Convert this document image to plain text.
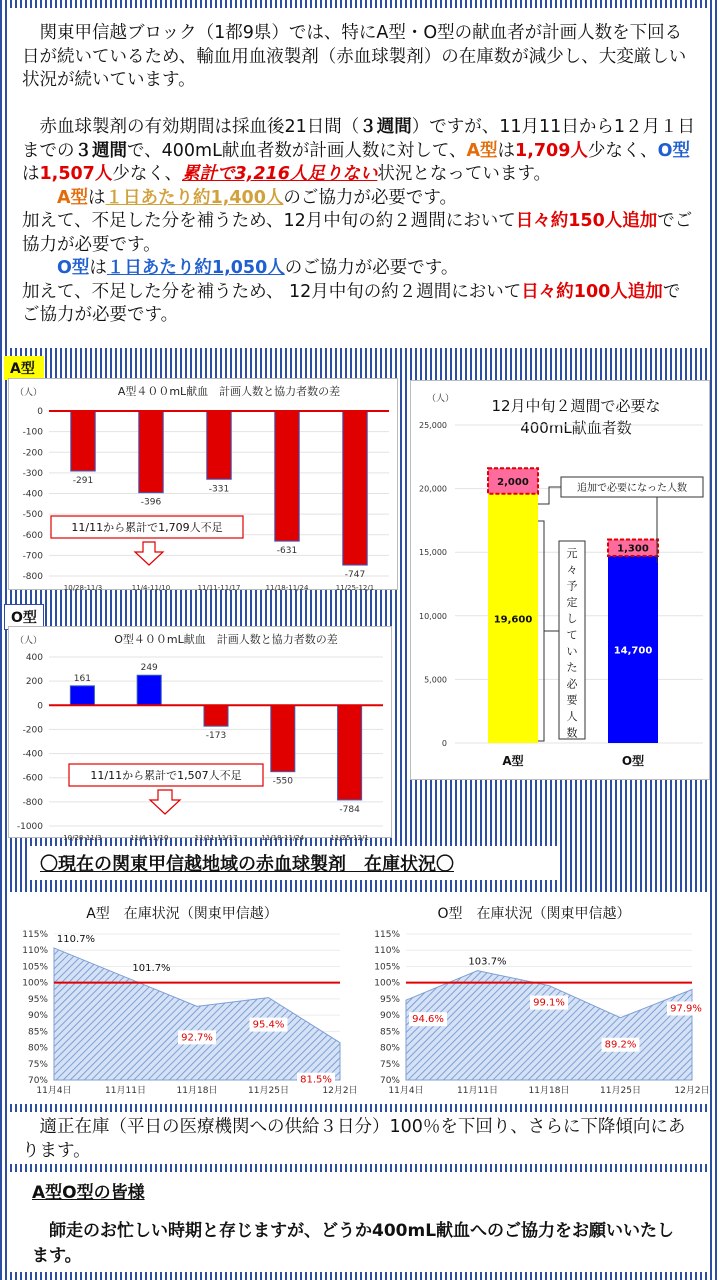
関東甲信越ブロック（1都9県）では、特にA型・O型の献血者が計画人数を下回る日が続いているため、輸血用血液製剤（赤血球製剤）の在庫数が減少し、大変厳しい状況が続いています。

赤血球製剤の有効期間は採血後21日間（３週間）ですが、11月11日から1２月１日までの３週間で、400mL献血者数が計画人数に対して、A型は1,709人少なく、O型は1,507人少なく、累計で3,216人足りない状況となっています。

A型は１日あたり約1,400人のご協力が必要です。
加えて、不足した分を補うため、12月中旬の約２週間において日々約150人追加でご協力が必要です。

O型は１日あたり約1,050人のご協力が必要です。
加えて、不足した分を補うため、 12月中旬の約２週間において日々約100人追加でご協力が必要です。

A型
O型
（人）	A型４００mL献血　計画人数と協力者数の差
0
-100
-200
-300
-400
-500
-600
-700
-800
-291
10/28-11/3
-396
11/4-11/10
-331
11/11-11/17
-631
11/18-11/24
-747
11/25-12/1
11/11から累計で1,709人不足
（人）	O型４００mL献血　計画人数と協力者数の差
400
200
0
-200
-400
-600
-800
-1000
161
10/28-11/3
249
11/4-11/10
-173
11/11-11/17
-550
11/18-11/24
-784
11/25-12/1
11/11から累計で1,507人不足
（人） 12月中旬２週間で必要な
400mL献血者数
0
5,000
10,000
15,000
20,000
25,000
19,600
2,000
A型
14,700
1,300
O型
追加で必要になった人数
元
々
予
定
し
て
い
た
必
要
人
数
〇現在の関東甲信越地域の赤血球製剤　在庫状況〇
A型　在庫状況（関東甲信越）
70%
75%
80%
85%
90%
95%
100%
105%
110%
115% 110.7%
11月4日
101.7%
11月11日
92.7%
11月18日
95.4%
11月25日
81.5%
12月2日
O型　在庫状況（関東甲信越）
70%
75%
80%
85%
90%
95%
100%
105%
110%
115%
94.6%
11月4日
103.7%
11月11日
99.1%
11月18日
89.2%
11月25日
97.9%
12月2日

適正在庫（平日の医療機関への供給３日分）100％を下回り、さらに下降傾向にあります。

A型O型の皆様

師走のお忙しい時期と存じますが、どうか400mL献血へのご協力をお願いいたします。
